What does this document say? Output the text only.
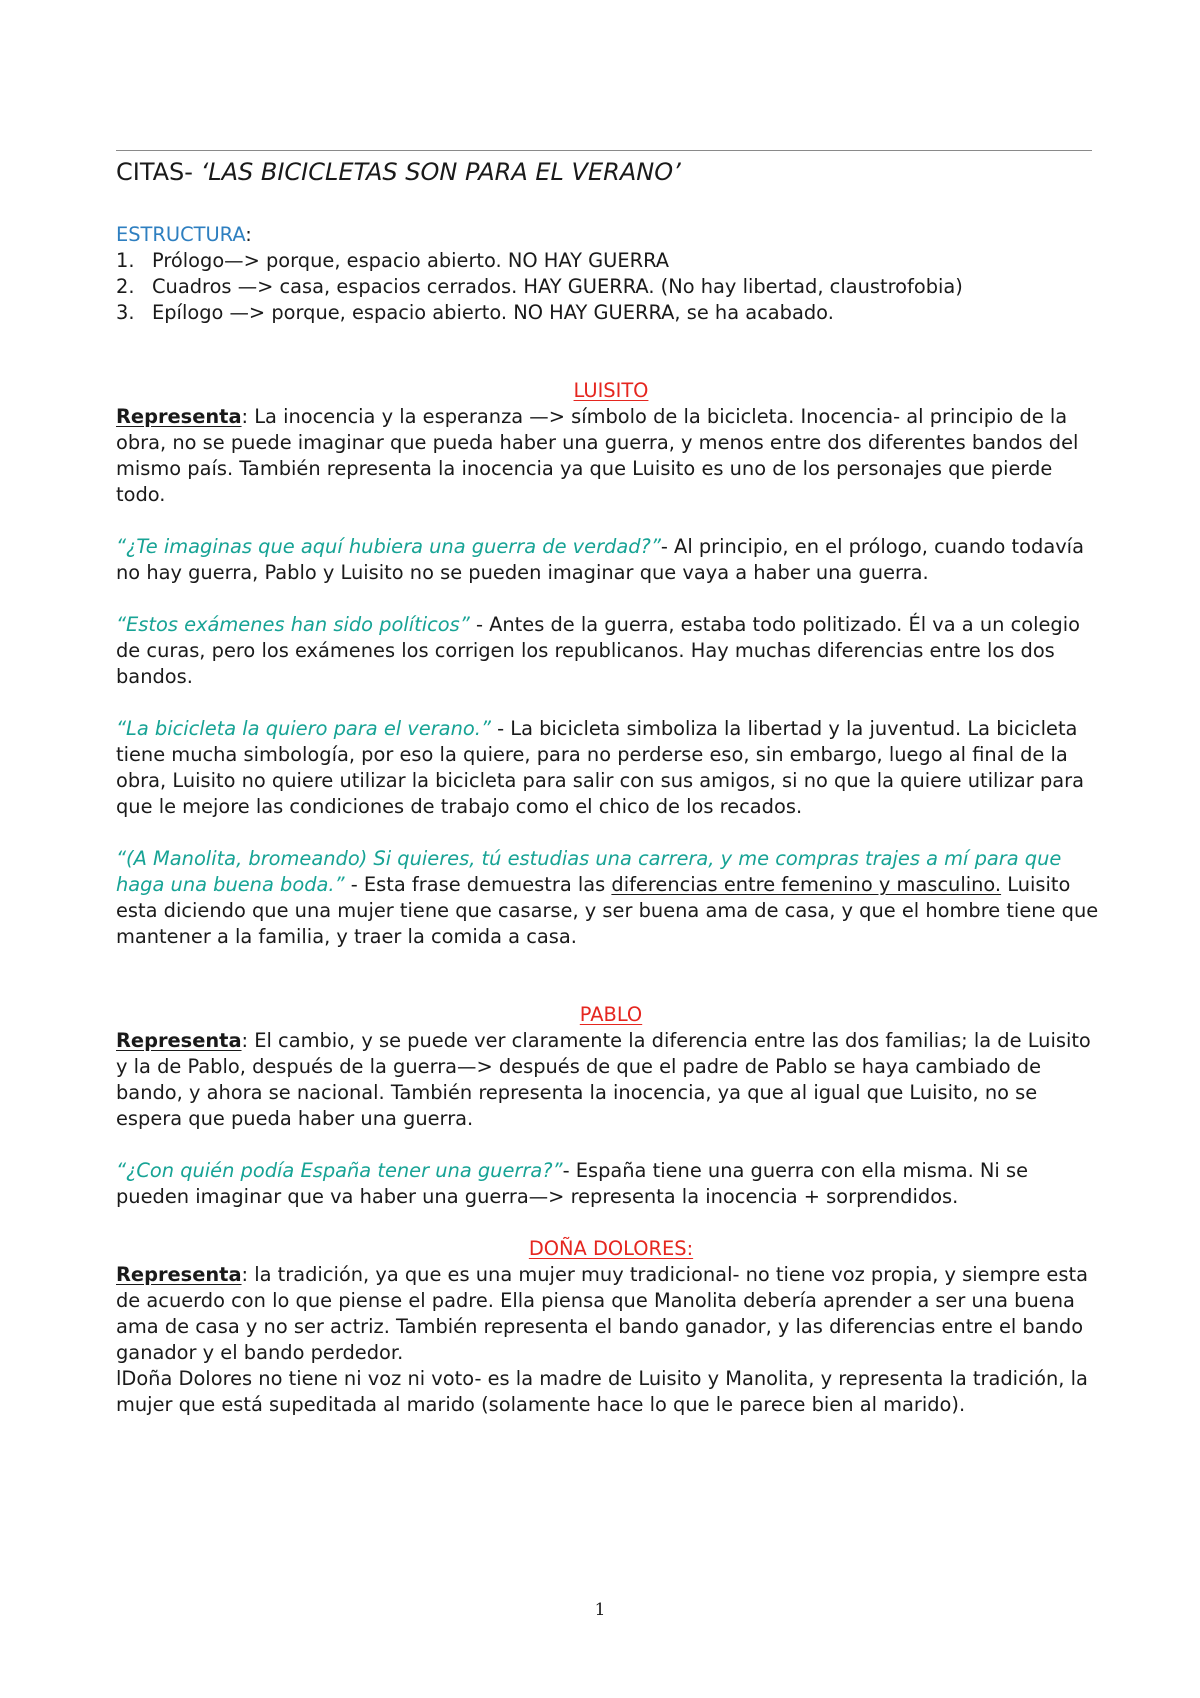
CITAS- ‘LAS BICICLETAS SON PARA EL VERANO’

ESTRUCTURA:

1. Prólogo—> porque, espacio abierto. NO HAY GUERRA
2. Cuadros —> casa, espacios cerrados. HAY GUERRA. (No hay libertad, claustrofobia)
3. Epílogo —> porque, espacio abierto. NO HAY GUERRA, se ha acabado.

LUISITO

Representa: La inocencia y la esperanza —> símbolo de la bicicleta. Inocencia- al principio de la obra, no se puede imaginar que pueda haber una guerra, y menos entre dos diferentes bandos del mismo país. También representa la inocencia ya que Luisito es uno de los personajes que pierde todo.

“¿Te imaginas que aquí hubiera una guerra de verdad?”- Al principio, en el prólogo, cuando todavía no hay guerra, Pablo y Luisito no se pueden imaginar que vaya a haber una guerra.

“Estos exámenes han sido políticos” - Antes de la guerra, estaba todo politizado. Él va a un colegio de curas, pero los exámenes los corrigen los republicanos. Hay muchas diferencias entre los dos bandos.

“La bicicleta la quiero para el verano.” - La bicicleta simboliza la libertad y la juventud. La bicicleta tiene mucha simbología, por eso la quiere, para no perderse eso, sin embargo, luego al final de la obra, Luisito no quiere utilizar la bicicleta para salir con sus amigos, si no que la quiere utilizar para que le mejore las condiciones de trabajo como el chico de los recados.

“(A Manolita, bromeando) Si quieres, tú estudias una carrera, y me compras trajes a mí para que haga una buena boda.” - Esta frase demuestra las diferencias entre femenino y masculino. Luisito esta diciendo que una mujer tiene que casarse, y ser buena ama de casa, y que el hombre tiene que mantener a la familia, y traer la comida a casa.

PABLO

Representa: El cambio, y se puede ver claramente la diferencia entre las dos familias; la de Luisito y la de Pablo, después de la guerra—> después de que el padre de Pablo se haya cambiado de bando, y ahora se nacional. También representa la inocencia, ya que al igual que Luisito, no se espera que pueda haber una guerra.

“¿Con quién podía España tener una guerra?”- España tiene una guerra con ella misma. Ni se pueden imaginar que va haber una guerra—> representa la inocencia + sorprendidos.

DOÑA DOLORES:

Representa: la tradición, ya que es una mujer muy tradicional- no tiene voz propia, y siempre esta de acuerdo con lo que piense el padre. Ella piensa que Manolita debería aprender a ser una buena ama de casa y no ser actriz. También representa el bando ganador, y las diferencias entre el bando ganador y el bando perdedor.

lDoña Dolores no tiene ni voz ni voto- es la madre de Luisito y Manolita, y representa la tradición, la mujer que está supeditada al marido (solamente hace lo que le parece bien al marido).

1
